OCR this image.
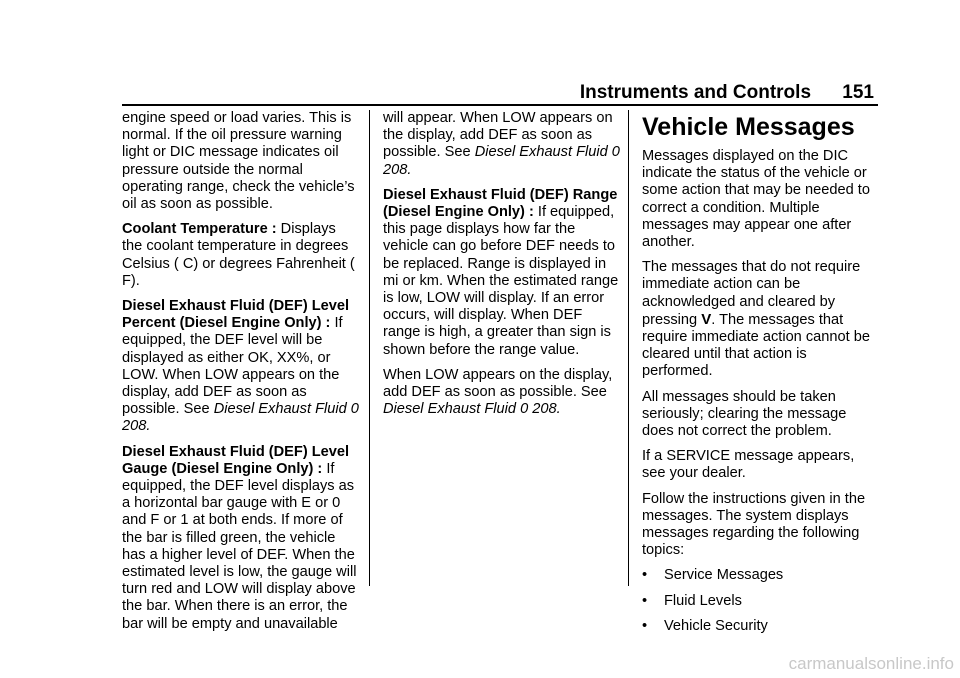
Instruments and Controls 151

engine speed or load varies. This is normal. If the oil pressure warning light or DIC message indicates oil pressure outside the normal operating range, check the vehicle’s oil as soon as possible.

Coolant Temperature : Displays the coolant temperature in degrees Celsius ( C) or degrees Fahrenheit ( F).

Diesel Exhaust Fluid (DEF) Level Percent (Diesel Engine Only) : If equipped, the DEF level will be displayed as either OK, XX%, or LOW. When LOW appears on the display, add DEF as soon as possible. See Diesel Exhaust Fluid 0 208.

Diesel Exhaust Fluid (DEF) Level Gauge (Diesel Engine Only) : If equipped, the DEF level displays as a horizontal bar gauge with E or 0 and F or 1 at both ends. If more of the bar is filled green, the vehicle has a higher level of DEF. When the estimated level is low, the gauge will turn red and LOW will display above the bar. When there is an error, the bar will be empty and unavailable

will appear. When LOW appears on the display, add DEF as soon as possible. See Diesel Exhaust Fluid 0 208.

Diesel Exhaust Fluid (DEF) Range (Diesel Engine Only) : If equipped, this page displays how far the vehicle can go before DEF needs to be replaced. Range is displayed in mi or km. When the estimated range is low, LOW will display. If an error occurs, will display. When DEF range is high, a greater than sign is shown before the range value.

When LOW appears on the display, add DEF as soon as possible. See Diesel Exhaust Fluid 0 208.

Vehicle Messages

Messages displayed on the DIC indicate the status of the vehicle or some action that may be needed to correct a condition. Multiple messages may appear one after another.

The messages that do not require immediate action can be acknowledged and cleared by pressing V. The messages that require immediate action cannot be cleared until that action is performed.

All messages should be taken seriously; clearing the message does not correct the problem.

If a SERVICE message appears, see your dealer.

Follow the instructions given in the messages. The system displays messages regarding the following topics:

•	Service Messages
•	Fluid Levels
•	Vehicle Security
carmanualsonline.info
